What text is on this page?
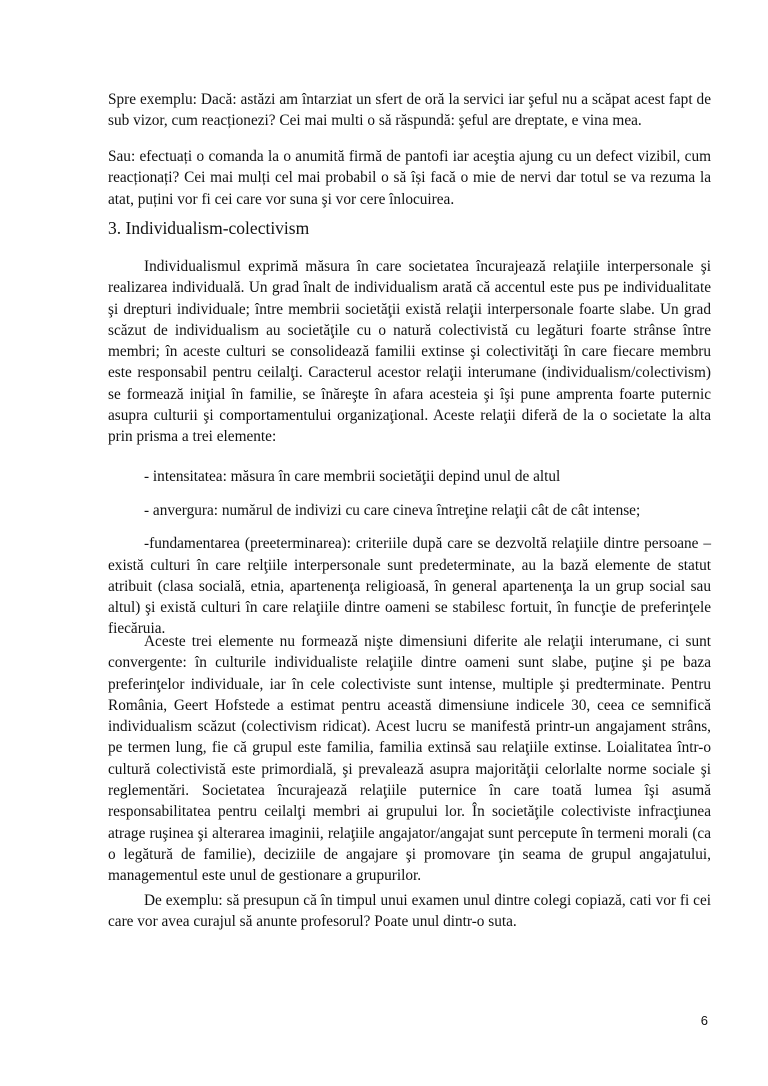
Spre exemplu: Dacă: astăzi am întarziat un sfert de oră la servici iar şeful nu a scăpat acest fapt de sub vizor, cum reacționezi? Cei mai multi o să răspundă: şeful are dreptate, e vina mea.

Sau: efectuați o comanda la o anumită firmă de pantofi iar aceştia ajung cu un defect vizibil, cum reacționați? Cei mai mulți cel mai probabil o să își facă o mie de nervi dar totul se va rezuma la atat, puțini vor fi cei care vor suna şi vor cere înlocuirea.

3. Individualism-colectivism

Individualismul exprimă măsura în care societatea încurajează relaţiile interpersonale şi realizarea individuală. Un grad înalt de individualism arată că accentul este pus pe individualitate şi drepturi individuale; între membrii societăţii există relaţii interpersonale foarte slabe. Un grad scăzut de individualism au societăţile cu o natură colectivistă cu legături foarte strânse între membri; în aceste culturi se consolidează familii extinse şi colectivităţi în care fiecare membru este responsabil pentru ceilalţi. Caracterul acestor relaţii interumane (individualism/colectivism) se formează iniţial în familie, se înăreşte în afara acesteia şi îşi pune amprenta foarte puternic asupra culturii şi comportamentului organizaţional. Aceste relaţii diferă de la o societate la alta prin prisma a trei elemente:

- intensitatea: măsura în care membrii societăţii depind unul de altul

- anvergura: numărul de indivizi cu care cineva întreţine relaţii cât de cât intense;

-fundamentarea (preeterminarea): criteriile după care se dezvoltă relaţiile dintre persoane – există culturi în care relţiile interpersonale sunt predeterminate, au la bază elemente de statut atribuit (clasa socială, etnia, apartenenţa religioasă, în general apartenenţa la un grup social sau altul) şi există culturi în care relaţiile dintre oameni se stabilesc fortuit, în funcţie de preferinţele fiecăruia.

Aceste trei elemente nu formează nişte dimensiuni diferite ale relaţii interumane, ci sunt convergente: în culturile individualiste relaţiile dintre oameni sunt slabe, puţine şi pe baza preferinţelor individuale, iar în cele colectiviste sunt intense, multiple şi predterminate. Pentru România, Geert Hofstede a estimat pentru această dimensiune indicele 30, ceea ce semnifică individualism scăzut (colectivism ridicat). Acest lucru se manifestă printr-un angajament strâns, pe termen lung, fie că grupul este familia, familia extinsă sau relaţiile extinse. Loialitatea într-o cultură colectivistă este primordială, şi prevalează asupra majorităţii celorlalte norme sociale şi reglementări. Societatea încurajează relaţiile puternice în care toată lumea îşi asumă responsabilitatea pentru ceilalţi membri ai grupului lor. În societăţile colectiviste infracţiunea atrage ruşinea şi alterarea imaginii, relaţiile angajator/angajat sunt percepute în termeni morali (ca o legătură de familie), deciziile de angajare şi promovare ţin seama de grupul angajatului, managementul este unul de gestionare a grupurilor.

De exemplu: să presupun că în timpul unui examen unul dintre colegi copiază, cati vor fi cei care vor avea curajul să anunte profesorul? Poate unul dintr-o suta.

6
